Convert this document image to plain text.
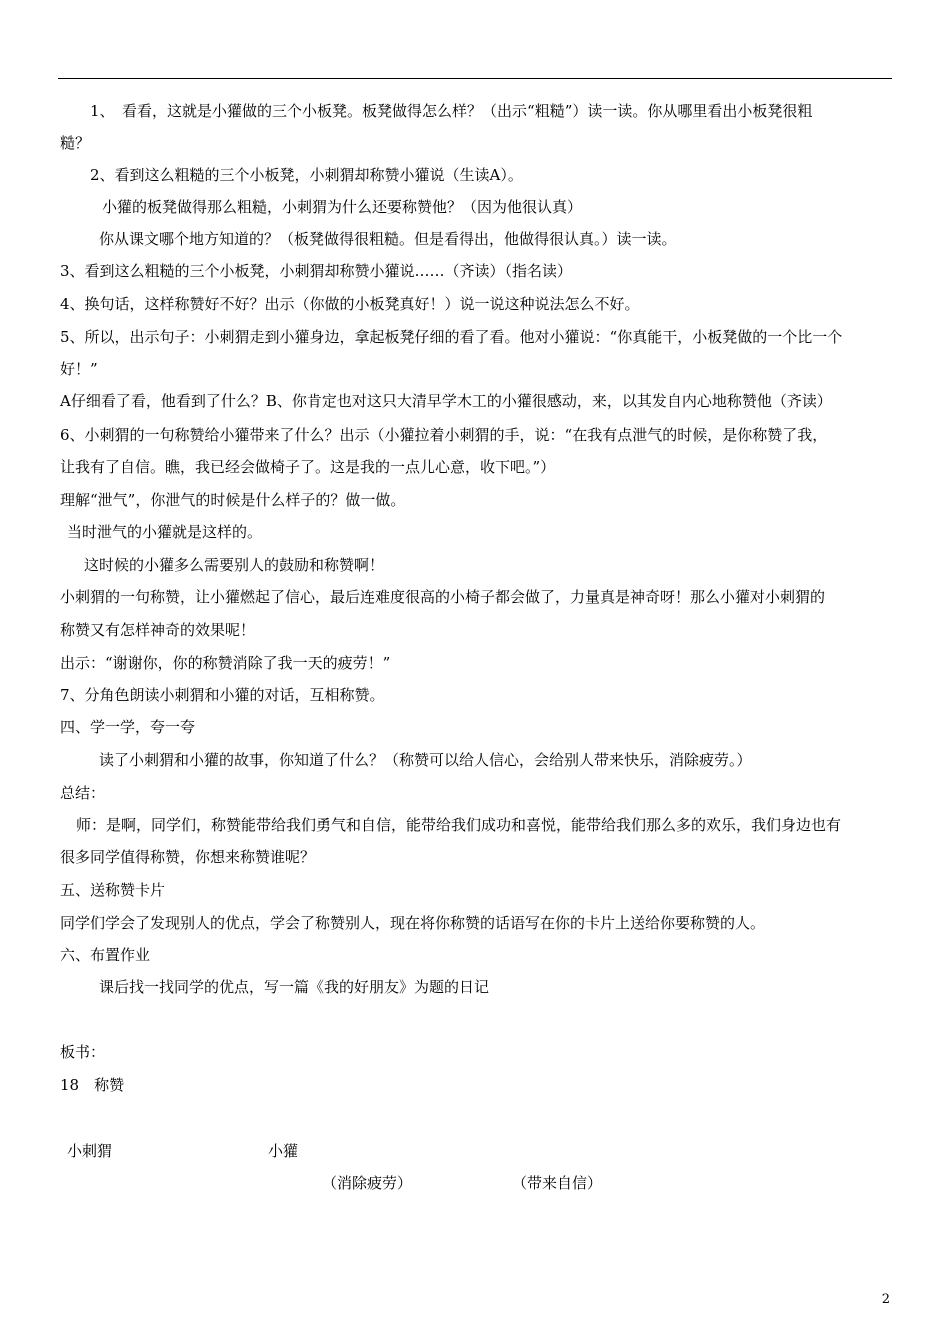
1、　看看，这就是小獾做的三个小板凳。板凳做得怎么样？（出示“粗糙”）读一读。你从哪里看出小板凳很粗
糙？
2、看到这么粗糙的三个小板凳，小刺猬却称赞小獾说（生读A）。
小獾的板凳做得那么粗糙，小刺猬为什么还要称赞他？（因为他很认真）
你从课文哪个地方知道的？（板凳做得很粗糙。但是看得出，他做得很认真。）读一读。
3、看到这么粗糙的三个小板凳，小刺猬却称赞小獾说……（齐读）（指名读）
4、换句话，这样称赞好不好？出示（你做的小板凳真好！）说一说这种说法怎么不好。
5、所以，出示句子：小刺猬走到小獾身边，拿起板凳仔细的看了看。他对小獾说：“你真能干，小板凳做的一个比一个
好！”
A仔细看了看，他看到了什么？B、你肯定也对这只大清早学木工的小獾很感动，来，以其发自内心地称赞他（齐读）
6、小刺猬的一句称赞给小獾带来了什么？出示（小獾拉着小刺猬的手，说：“在我有点泄气的时候，是你称赞了我，
让我有了自信。瞧，我已经会做椅子了。这是我的一点儿心意，收下吧。”）
理解“泄气”，你泄气的时候是什么样子的？做一做。
当时泄气的小獾就是这样的。
这时候的小獾多么需要别人的鼓励和称赞啊！
小刺猬的一句称赞，让小獾燃起了信心，最后连难度很高的小椅子都会做了，力量真是神奇呀！那么小獾对小刺猬的
称赞又有怎样神奇的效果呢！
出示：“谢谢你，你的称赞消除了我一天的疲劳！”
7、分角色朗读小刺猬和小獾的对话，互相称赞。
四、学一学，夸一夸
读了小刺猬和小獾的故事，你知道了什么？（称赞可以给人信心，会给别人带来快乐，消除疲劳。）
总结：
师：是啊，同学们，称赞能带给我们勇气和自信，能带给我们成功和喜悦，能带给我们那么多的欢乐，我们身边也有
很多同学值得称赞，你想来称赞谁呢？
五、送称赞卡片
同学们学会了发现别人的优点，学会了称赞别人，现在将你称赞的话语写在你的卡片上送给你要称赞的人。
六、布置作业
课后找一找同学的优点，写一篇《我的好朋友》为题的日记
板书：
18　称赞
小刺猬	小獾
（消除疲劳）	（带来自信）
2
